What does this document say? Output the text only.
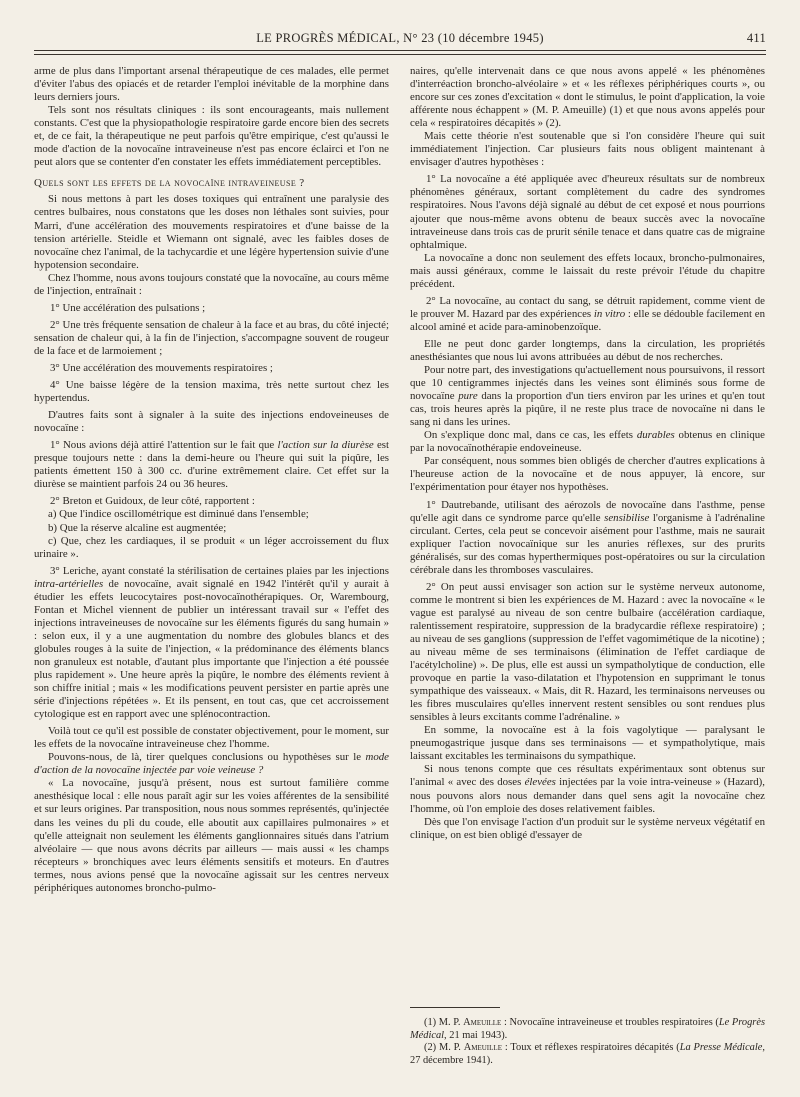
LE PROGRÈS MÉDICAL, N° 23 (10 décembre 1945)	411

arme de plus dans l'important arsenal thérapeutique de ces malades, elle permet d'éviter l'abus des opiacés et de retarder l'emploi inévitable de la morphine dans leurs derniers jours.

Tels sont nos résultats cliniques : ils sont encourageants, mais nullement constants. C'est que la physiopathologie respiratoire garde encore bien des secrets et, de ce fait, la thérapeutique ne peut parfois qu'être empirique, c'est qu'aussi le mode d'action de la novocaïne intraveineuse n'est pas encore éclairci et l'on ne peut alors que se contenter d'en constater les effets immédiatement perceptibles.

Quels sont les effets de la novocaïne intraveineuse ?

Si nous mettons à part les doses toxiques qui entraînent une paralysie des centres bulbaires, nous constatons que les doses non léthales sont suivies, pour Marri, d'une accélération des mouvements respiratoires et d'une baisse de la tension artérielle. Steidle et Wiemann ont signalé, avec les faibles doses de novocaïne chez l'animal, de la tachycardie et une légère hypertension suivie d'une hypotension secondaire.

Chez l'homme, nous avons toujours constaté que la novocaïne, au cours même de l'injection, entraînait :

1° Une accélération des pulsations ;

2° Une très fréquente sensation de chaleur à la face et au bras, du côté injecté; sensation de chaleur qui, à la fin de l'injection, s'accompagne souvent de rougeur de la face et de larmoiement ;

3° Une accélération des mouvements respiratoires ;

4° Une baisse légère de la tension maxima, très nette surtout chez les hypertendus.

D'autres faits sont à signaler à la suite des injections endoveineuses de novocaïne :

1° Nous avions déjà attiré l'attention sur le fait que l'action sur la diurèse est presque toujours nette : dans la demi-heure ou l'heure qui suit la piqûre, les patients émettent 150 à 300 cc. d'urine extrêmement claire. Cet effet sur la diurèse se maintient parfois 24 ou 36 heures.

2° Breton et Guidoux, de leur côté, rapportent :

a) Que l'indice oscillométrique est diminué dans l'ensemble;

b) Que la réserve alcaline est augmentée;

c) Que, chez les cardiaques, il se produit « un léger accroissement du flux urinaire ».

3° Leriche, ayant constaté la stérilisation de certaines plaies par les injections intra-artérielles de novocaïne, avait signalé en 1942 l'intérêt qu'il y aurait à étudier les effets leucocytaires post-novocaïnothérapiques. Or, Warembourg, Fontan et Michel viennent de publier un intéressant travail sur « l'effet des injections intraveineuses de novocaïne sur les éléments figurés du sang humain » : selon eux, il y a une augmentation du nombre des globules blancs et des globules rouges à la suite de l'injection, « la prédominance des éléments blancs non granuleux est notable, d'autant plus importante que l'injection a été poussée plus rapidement ». Une heure après la piqûre, le nombre des éléments revient à son chiffre initial ; mais « les modifications peuvent persister en partie après une série d'injections répétées ». Et ils pensent, en tout cas, que cet accroissement cytologique est en rapport avec une splénocontraction.

Voilà tout ce qu'il est possible de constater objectivement, pour le moment, sur les effets de la novocaïne intraveineuse chez l'homme.

Pouvons-nous, de là, tirer quelques conclusions ou hypothèses sur le mode d'action de la novocaïne injectée par voie veineuse ?

« La novocaïne, jusqu'à présent, nous est surtout familière comme anesthésique local : elle nous paraît agir sur les voies afférentes de la sensibilité et sur leurs origines. Par transposition, nous nous sommes représentés, qu'injectée dans les veines du pli du coude, elle aboutit aux capillaires pulmonaires » et qu'elle atteignait non seulement les éléments ganglionnaires situés dans l'atrium alvéolaire — que nous avons décrits par ailleurs — mais aussi « les champs récepteurs » bronchiques avec leurs éléments sensitifs et moteurs. En d'autres termes, nous avions pensé que la novocaïne agissait sur les centres nerveux périphériques autonomes broncho-pulmo-

naires, qu'elle intervenait dans ce que nous avons appelé « les phénomènes d'interréaction broncho-alvéolaire » et « les réflexes périphériques courts », ou encore sur ces zones d'excitation « dont le stimulus, le point d'application, la voie afférente nous échappent » (M. P. Ameuille) (1) et que nous avons appelés pour cela « respiratoires décapités » (2).

Mais cette théorie n'est soutenable que si l'on considère l'heure qui suit immédiatement l'injection. Car plusieurs faits nous obligent maintenant à envisager d'autres hypothèses :

1° La novocaïne a été appliquée avec d'heureux résultats sur de nombreux phénomènes généraux, sortant complètement du cadre des syndromes respiratoires. Nous l'avons déjà signalé au début de cet exposé et nous pourrions ajouter que nous-même avons obtenu de beaux succès avec la novocaïne intraveineuse dans trois cas de prurit sénile tenace et dans quatre cas de migraine ophtalmique.

La novocaïne a donc non seulement des effets locaux, broncho-pulmonaires, mais aussi généraux, comme le laissait du reste prévoir l'étude du chapitre précédent.

2° La novocaïne, au contact du sang, se détruit rapidement, comme vient de le prouver M. Hazard par des expériences in vitro : elle se dédouble facilement en alcool aminé et acide para-aminobenzoïque.

Elle ne peut donc garder longtemps, dans la circulation, les propriétés anesthésiantes que nous lui avons attribuées au début de nos recherches.

Pour notre part, des investigations qu'actuellement nous poursuivons, il ressort que 10 centigrammes injectés dans les veines sont éliminés sous forme de novocaïne pure dans la proportion d'un tiers environ par les urines et qu'en tout cas, trois heures après la piqûre, il ne reste plus trace de novocaïne ni dans le sang ni dans les urines.

On s'explique donc mal, dans ce cas, les effets durables obtenus en clinique par la novocaïnothérapie endoveineuse.

Par conséquent, nous sommes bien obligés de chercher d'autres explications à l'heureuse action de la novocaïne et de nous appuyer, là encore, sur l'expérimentation pour étayer nos hypothèses.

1° Dautrebande, utilisant des aérozols de novocaïne dans l'asthme, pense qu'elle agit dans ce syndrome parce qu'elle sensibilise l'organisme à l'adrénaline circulant. Certes, cela peut se concevoir aisément pour l'asthme, mais ne saurait expliquer l'action novocaïnique sur les anuries réflexes, sur des prurits généralisés, sur des comas hyperthermiques post-opératoires ou sur la circulation cérébrale dans les thromboses vasculaires.

2° On peut aussi envisager son action sur le système nerveux autonome, comme le montrent si bien les expériences de M. Hazard : avec la novocaïne « le vague est paralysé au niveau de son centre bulbaire (accélération cardiaque, ralentissement respiratoire, suppression de la bradycardie réflexe respiratoire) ; au niveau de ses ganglions (suppression de l'effet vagomimétique de la nicotine) ; au niveau même de ses terminaisons (élimination de l'effet cardiaque de l'acétylcholine) ». De plus, elle est aussi un sympatholytique de conduction, elle provoque en partie la vaso-dilatation et l'hypotension en supprimant le tonus sympathique des vaisseaux. « Mais, dit R. Hazard, les terminaisons nerveuses ou les fibres musculaires qu'elles innervent restent sensibles ou sont rendues plus sensibles à leurs excitants comme l'adrénaline. »

En somme, la novocaïne est à la fois vagolytique — paralysant le pneumogastrique jusque dans ses terminaisons — et sympatholytique, mais laissant excitables les terminaisons du sympathique.

Si nous tenons compte que ces résultats expérimentaux sont obtenus sur l'animal « avec des doses élevées injectées par la voie intra-veineuse » (Hazard), nous pouvons alors nous demander dans quel sens agit la novocaïne chez l'homme, où l'on emploie des doses relativement faibles.

Dès que l'on envisage l'action d'un produit sur le système nerveux végétatif en clinique, on est bien obligé d'essayer de

(1) M. P. Ameuille : Novocaïne intraveineuse et troubles respiratoires (Le Progrès Médical, 21 mai 1943).

(2) M. P. Ameuille : Toux et réflexes respiratoires décapités (La Presse Médicale, 27 décembre 1941).
